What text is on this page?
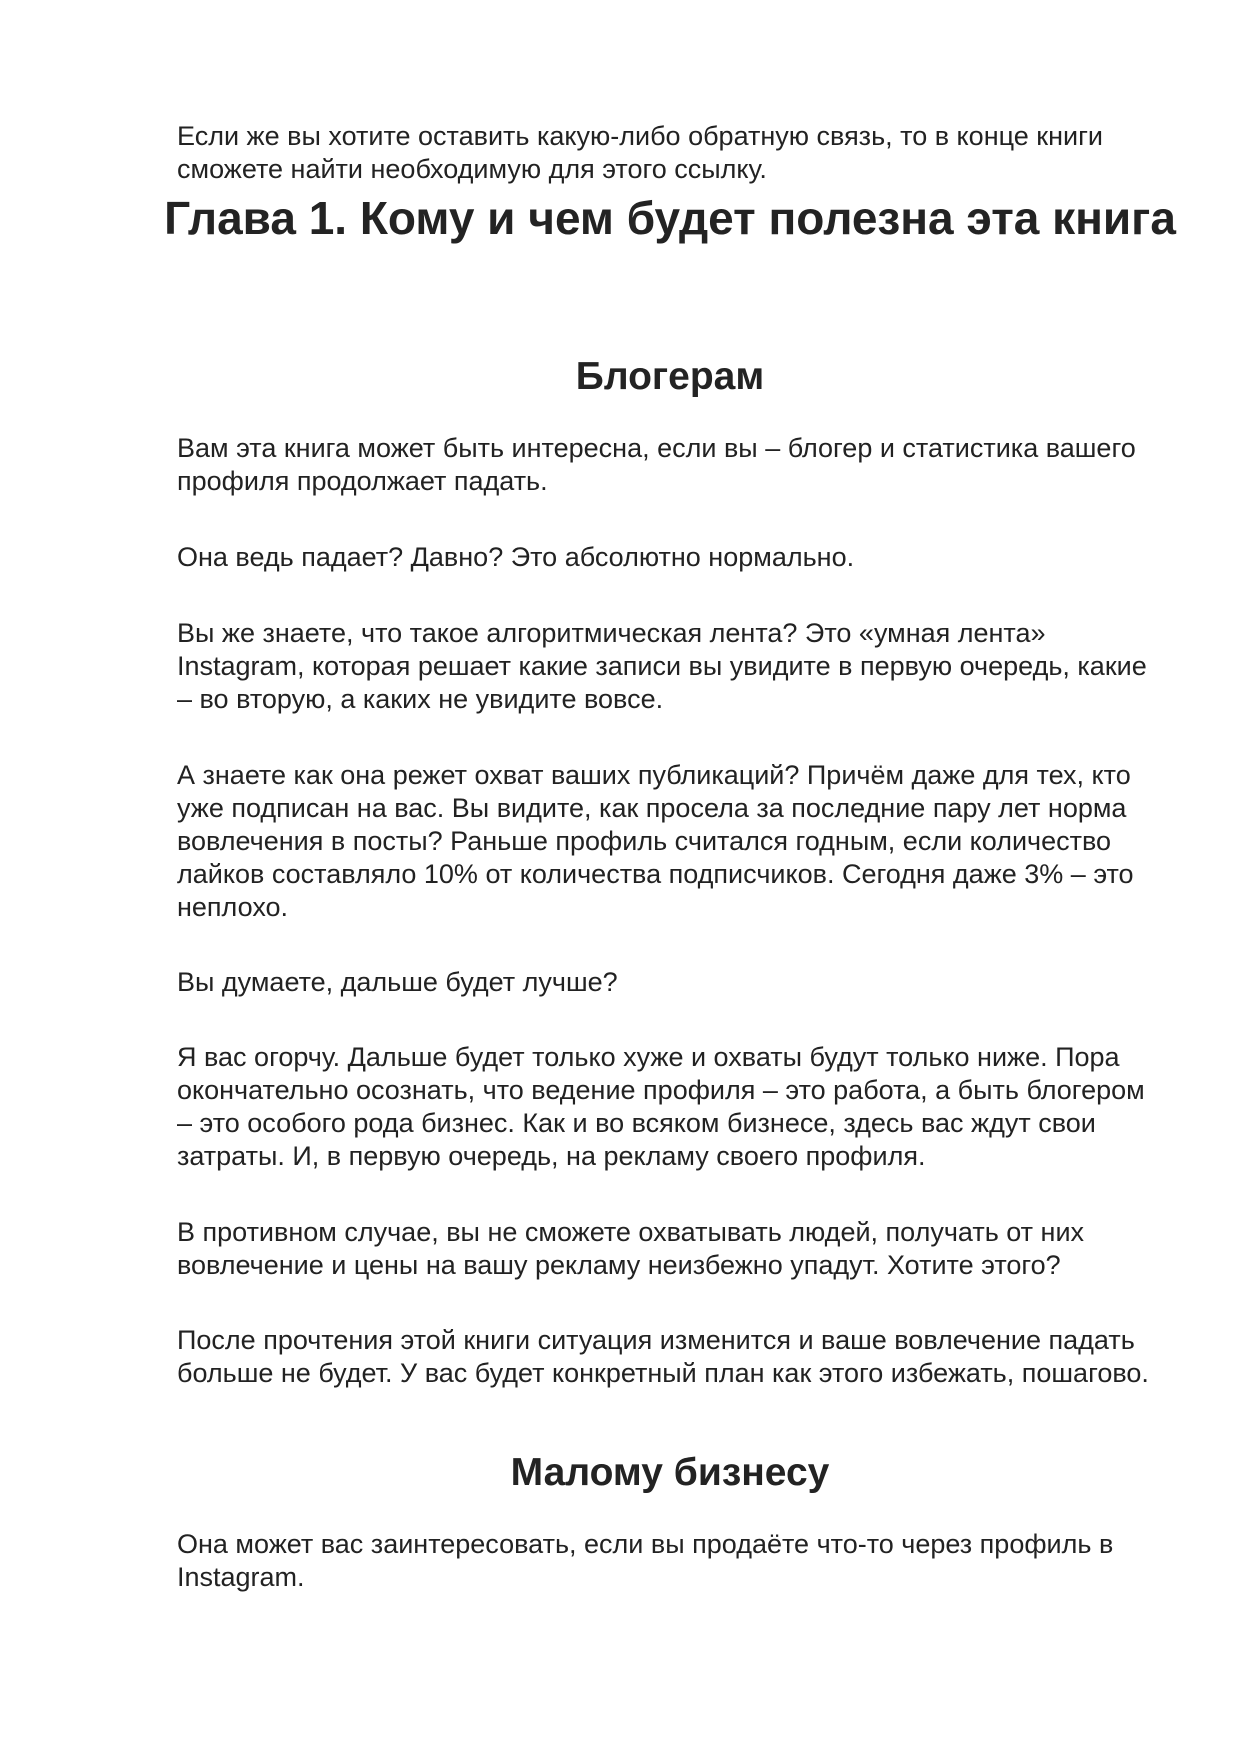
Если же вы хотите оставить какую-либо обратную связь, то в конце книги сможете найти необходимую для этого ссылку.

Глава 1. Кому и чем будет полезна эта книга
Блогерам

Вам эта книга может быть интересна, если вы – блогер и статистика вашего профиля продолжает падать.

Она ведь падает? Давно? Это абсолютно нормально.

Вы же знаете, что такое алгоритмическая лента? Это «умная лента» Instagram, которая решает какие записи вы увидите в первую очередь, какие – во вторую, а каких не увидите вовсе.

А знаете как она режет охват ваших публикаций? Причём даже для тех, кто уже подписан на вас. Вы видите, как просела за последние пару лет норма вовлечения в посты? Раньше профиль считался годным, если количество лайков составляло 10% от количества подписчиков. Сегодня даже 3% – это неплохо.

Вы думаете, дальше будет лучше?

Я вас огорчу. Дальше будет только хуже и охваты будут только ниже. Пора окончательно осознать, что ведение профиля – это работа, а быть блогером – это особого рода бизнес. Как и во всяком бизнесе, здесь вас ждут свои затраты. И, в первую очередь, на рекламу своего профиля.

В противном случае, вы не сможете охватывать людей, получать от них вовлечение и цены на вашу рекламу неизбежно упадут. Хотите этого?

После прочтения этой книги ситуация изменится и ваше вовлечение падать больше не будет. У вас будет конкретный план как этого избежать, пошагово.

Малому бизнесу

Она может вас заинтересовать, если вы продаёте что-то через профиль в Instagram.
